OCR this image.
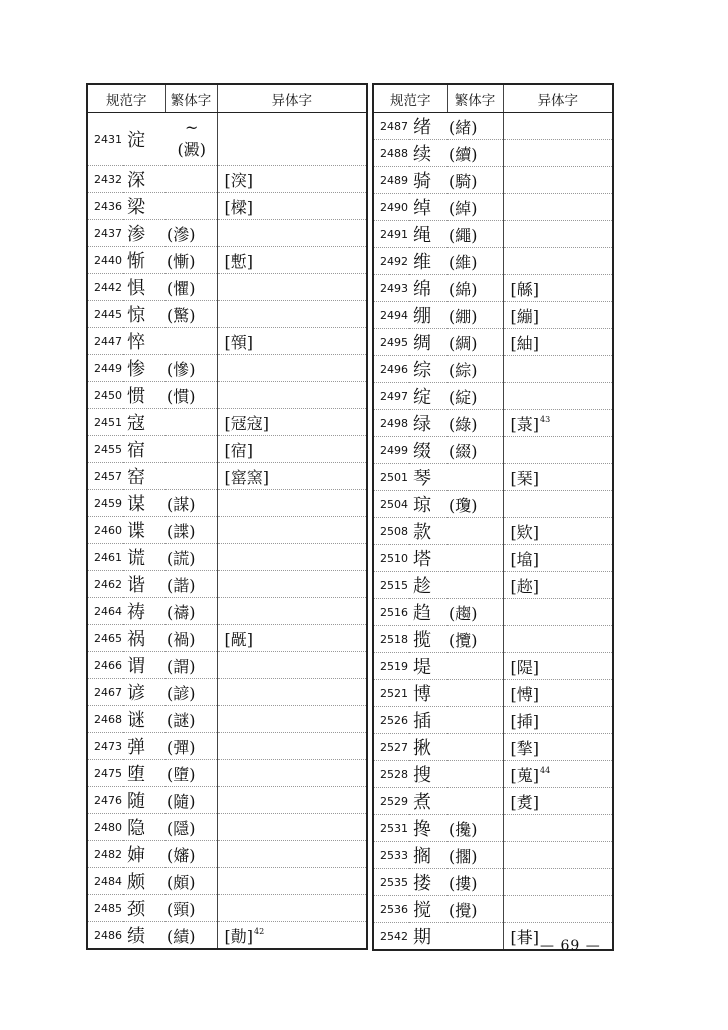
规范字		繁体字	异体字
2431	淀	~
(澱)	

2432	深		[湥]
2436	梁		[樑]
2437	渗	(滲)	
2440	惭	(慚)	[慙]
2442	惧	(懼)	
2445	惊	(驚)	
2447	悴		[顇]
2449	惨	(慘)	
2450	惯	(慣)	
2451	寇		[冦寇]
2455	宿		[宿]
2457	窑		[窰窯]
2459	谋	(謀)	
2460	谍	(諜)	
2461	谎	(謊)	
2462	谐	(諧)	
2464	祷	(禱)	
2465	祸	(禍)	[旤]
2466	谓	(謂)	
2467	谚	(諺)	
2468	谜	(謎)	
2473	弹	(彈)	
2475	堕	(墮)	
2476	随	(隨)	
2480	隐	(隱)	
2482	婶	(嬸)	
2484	颇	(頗)	
2485	颈	(頸)	
2486	绩	(績)	[勣]$^{42}$
规范字		繁体字	异体字
2487	绪	(緒)	
2488	续	(續)	
2489	骑	(騎)	
2490	绰	(綽)	
2491	绳	(繩)	
2492	维	(維)	
2493	绵	(綿)	[緜]
2494	绷	(綳)	[繃]
2495	绸	(綢)	[紬]
2496	综	(綜)	
2497	绽	(綻)	
2498	绿	(綠)	[菉]$^{43}$
2499	缀	(綴)	
2501	琴		[琹]
2504	琼	(瓊)	
2508	款		[欵]
2510	塔		[墖]
2515	趁		[趂]
2516	趋	(趨)	
2518	揽	(攬)	
2519	堤		[隄]
2521	博		[愽]
2526	插		[揷]
2527	揪		[揫]
2528	搜		[蒐]$^{44}$
2529	煮		[煑]
2531	搀	(攙)	
2533	搁	(擱)	
2535	搂	(摟)	
2536	搅	(攪)	
2542	期		[朞] — 69 —
